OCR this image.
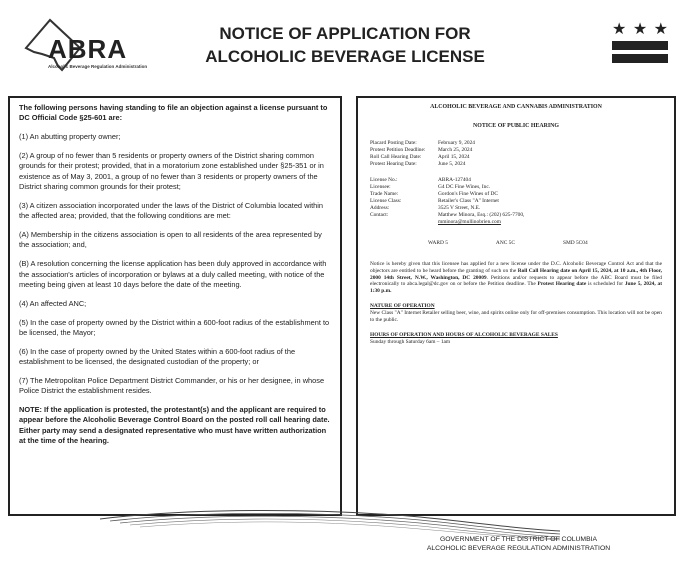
ABRA
Alcoholic Beverage Regulation Administration
NOTICE OF APPLICATION FOR
ALCOHOLIC BEVERAGE LICENSE
★ ★ ★

The following persons having standing to file an objection against a license pursuant to DC Official Code §25-601 are:

(1) An abutting property owner;

(2) A group of no fewer than 5 residents or property owners of the District sharing common grounds for their protest; provided, that in a moratorium zone established under §25-351 or in existence as of May 3, 2001, a group of no fewer than 3 residents or property owners of the District sharing common grounds for their protest;

(3) A citizen association incorporated under the laws of the District of Columbia located within the affected area; provided, that the following conditions are met:

(A) Membership in the citizens association is open to all residents of the area represented by the association; and,

(B) A resolution concerning the license application has been duly approved in accordance with the association's articles of incorporation or bylaws at a duly called meeting, with notice of the meeting being given at least 10 days before the date of the meeting.

(4) An affected ANC;

(5) In the case of property owned by the District within a 600-foot radius of the establishment to be licensed, the Mayor;

(6) In the case of property owned by the United States within a 600-foot radius of the establishment to be licensed, the designated custodian of the property; or

(7) The Metropolitan Police Department District Commander, or his or her designee, in whose Police District the establishment resides.

NOTE: If the application is protested, the protestant(s) and the applicant are required to appear before the Alcoholic Beverage Control Board on the posted roll call hearing date. Either party may send a designated representative who must have written authorization at the time of the hearing.

ALCOHOLIC BEVERAGE AND CANNABIS ADMINISTRATION
NOTICE OF PUBLIC HEARING
Placard Posting Date:	February 9, 2024
Protest Petition Deadline:	March 25, 2024
Roll Call Hearing Date:	April 15, 2024
Protest Hearing Date:	June 5, 2024
License No.:	ABRA-127404
Licensee:	G4 DC Fine Wines, Inc.
Trade Name:	Gordon's Fine Wines of DC
License Class:	Retailer's Class "A" Internet
Address:	3525 V Street, N.E.
Contact:	Matthew Minora, Esq.: (202) 625-7700,
	mminora@mullinobrien.com
WARD 5	ANC 5C	SMD 5C04
Notice is hereby given that this licensee has applied for a new license under the D.C. Alcoholic Beverage Control Act and that the objectors are entitled to be heard before the granting of such on the Roll Call Hearing date on April 15, 2024, at 10 a.m., 4th Floor, 2000 14th Street, N.W., Washington, DC 20009. Petitions and/or requests to appear before the ABC Board must be filed electronically to abca.legal@dc.gov on or before the Petition deadline. The Protest Hearing date is scheduled for June 5, 2024, at 1:30 p.m.
NATURE OF OPERATION
New Class "A" Internet Retailer selling beer, wine, and spirits online only for off-premises consumption. This location will not be open to the public.
HOURS OF OPERATION AND HOURS OF ALCOHOLIC BEVERAGE SALES
Sunday through Saturday 6am – 1am
GOVERNMENT OF THE DISTRICT OF COLUMBIA
ALCOHOLIC BEVERAGE REGULATION ADMINISTRATION
